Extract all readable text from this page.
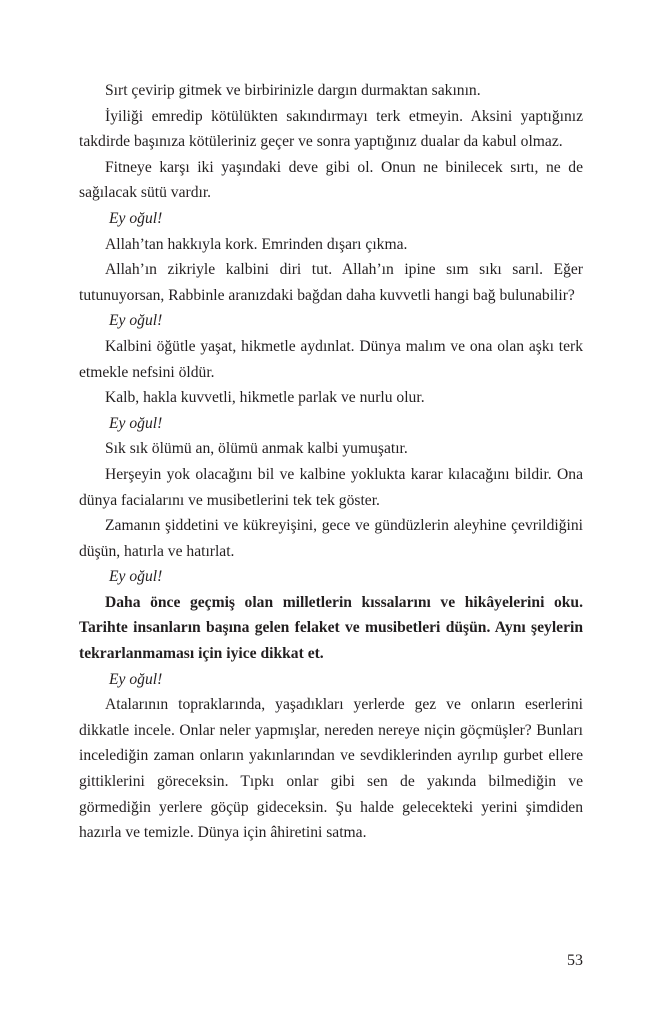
Sırt çevirip gitmek ve birbirinizle dargın durmaktan sakının.

İyiliği emredip kötülükten sakındırmayı terk etmeyin. Aksini yaptığınız takdirde başınıza kötüleriniz geçer ve sonra yaptığınız dualar da kabul olmaz.

Fitneye karşı iki yaşındaki deve gibi ol. Onun ne binilecek sırtı, ne de sağılacak sütü vardır.

Ey oğul!

Allah’tan hakkıyla kork. Emrinden dışarı çıkma.

Allah’ın zikriyle kalbini diri tut. Allah’ın ipine sım sıkı sarıl. Eğer tutunuyorsan, Rabbinle aranızdaki bağdan daha kuvvetli hangi bağ bulunabilir?

Ey oğul!

Kalbini öğütle yaşat, hikmetle aydınlat. Dünya malım ve ona olan aşkı terk etmekle nefsini öldür.

Kalb, hakla kuvvetli, hikmetle parlak ve nurlu olur.

Ey oğul!

Sık sık ölümü an, ölümü anmak kalbi yumuşatır.

Herşeyin yok olacağını bil ve kalbine yoklukta karar kılacağını bildir. Ona dünya facialarını ve musibetlerini tek tek göster.

Zamanın şiddetini ve kükreyişini, gece ve gündüzlerin aleyhine çevrildiğini düşün, hatırla ve hatırlat.

Ey oğul!

Daha önce geçmiş olan milletlerin kıssalarını ve hikâyelerini oku. Tarihte insanların başına gelen felaket ve musibetleri düşün. Aynı şeylerin tekrarlanmaması için iyice dikkat et.

Ey oğul!

Atalarının topraklarında, yaşadıkları yerlerde gez ve onların eserlerini dikkatle incele. Onlar neler yapmışlar, nereden nereye niçin göçmüşler? Bunları incelediğin zaman onların yakınlarından ve sevdiklerinden ayrılıp gurbet ellere gittiklerini göreceksin. Tıpkı onlar gibi sen de yakında bilmediğin ve görmediğin yerlere göçüp gideceksin. Şu halde gelecekteki yerini şimdiden hazırla ve temizle. Dünya için âhiretini satma.

53
